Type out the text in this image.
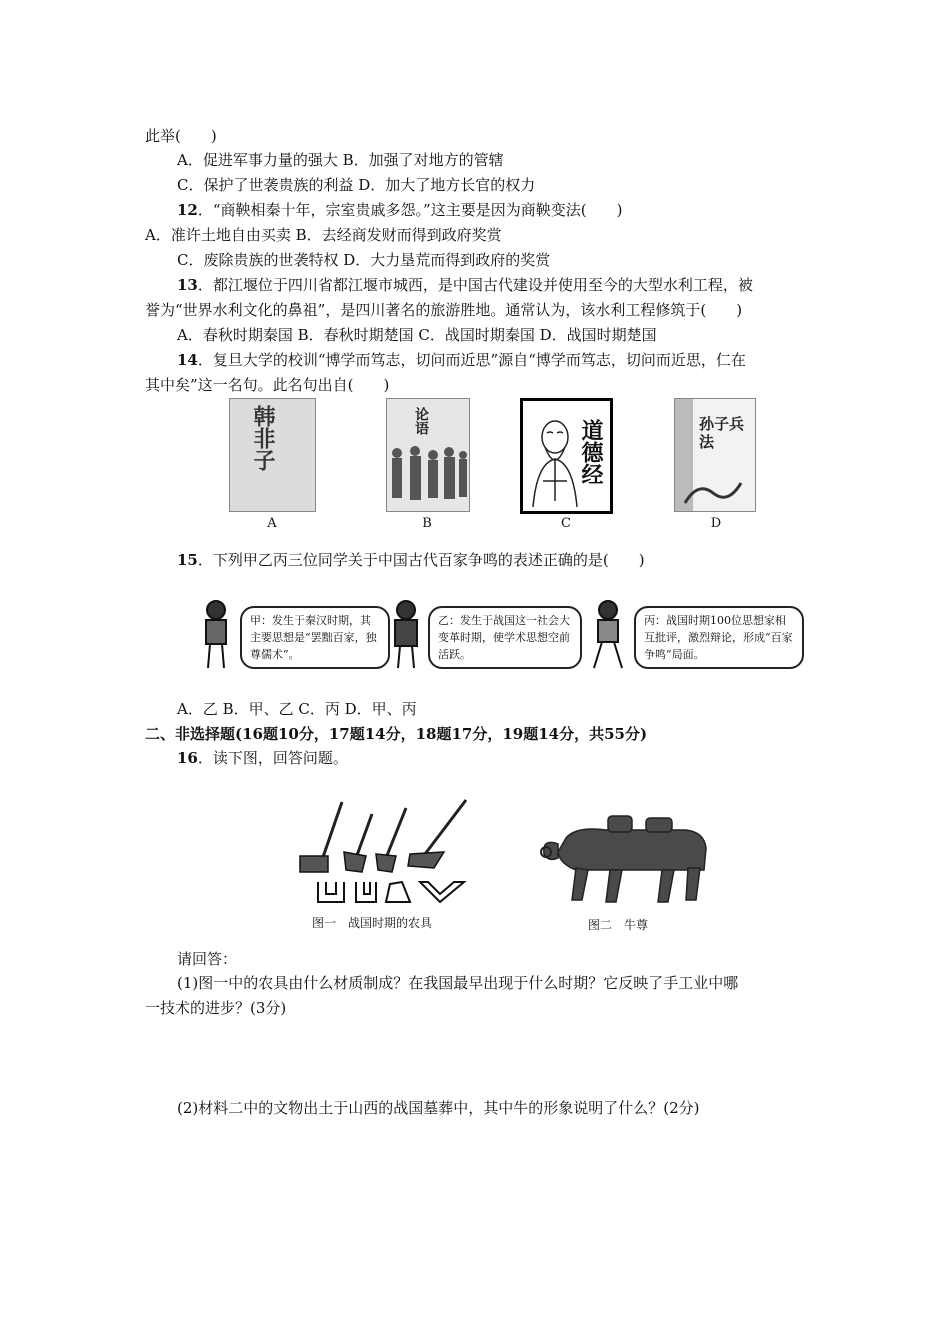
此举(　　)
A．促进军事力量的强大 B．加强了对地方的管辖
C．保护了世袭贵族的利益 D．加大了地方长官的权力
12．“商鞅相秦十年，宗室贵戚多怨。”这主要是因为商鞅变法(　　)
A．准许土地自由买卖 B．去经商发财而得到政府奖赏
C．废除贵族的世袭特权 D．大力垦荒而得到政府的奖赏
13．都江堰位于四川省都江堰市城西，是中国古代建设并使用至今的大型水利工程，被
誉为“世界水利文化的鼻祖”，是四川著名的旅游胜地。通常认为，该水利工程修筑于(　　)
A．春秋时期秦国 B．春秋时期楚国 C．战国时期秦国 D．战国时期楚国
14．复旦大学的校训“博学而笃志，切问而近思”源自“博学而笃志，切问而近思，仁在
其中矣”这一名句。此名句出自(　　)
韩非子
A
论语
B
道德经
C
孙子兵法
D
15．下列甲乙丙三位同学关于中国古代百家争鸣的表述正确的是(　　)
甲：发生于秦汉时期，其主要思想是“罢黜百家，独尊儒术”。
乙：发生于战国这一社会大变革时期，使学术思想空前活跃。
丙：战国时期100位思想家相互批评，激烈辩论，形成“百家争鸣”局面。
A．乙 B．甲、乙 C．丙 D．甲、丙
二、非选择题(16题10分，17题14分，18题17分，19题14分，共55分)
16．读下图，回答问题。
图一　战国时期的农具	图二　牛尊
请回答：
(1)图一中的农具由什么材质制成？在我国最早出现于什么时期？它反映了手工业中哪
一技术的进步？(3分)
(2)材料二中的文物出土于山西的战国墓葬中，其中牛的形象说明了什么？(2分)
